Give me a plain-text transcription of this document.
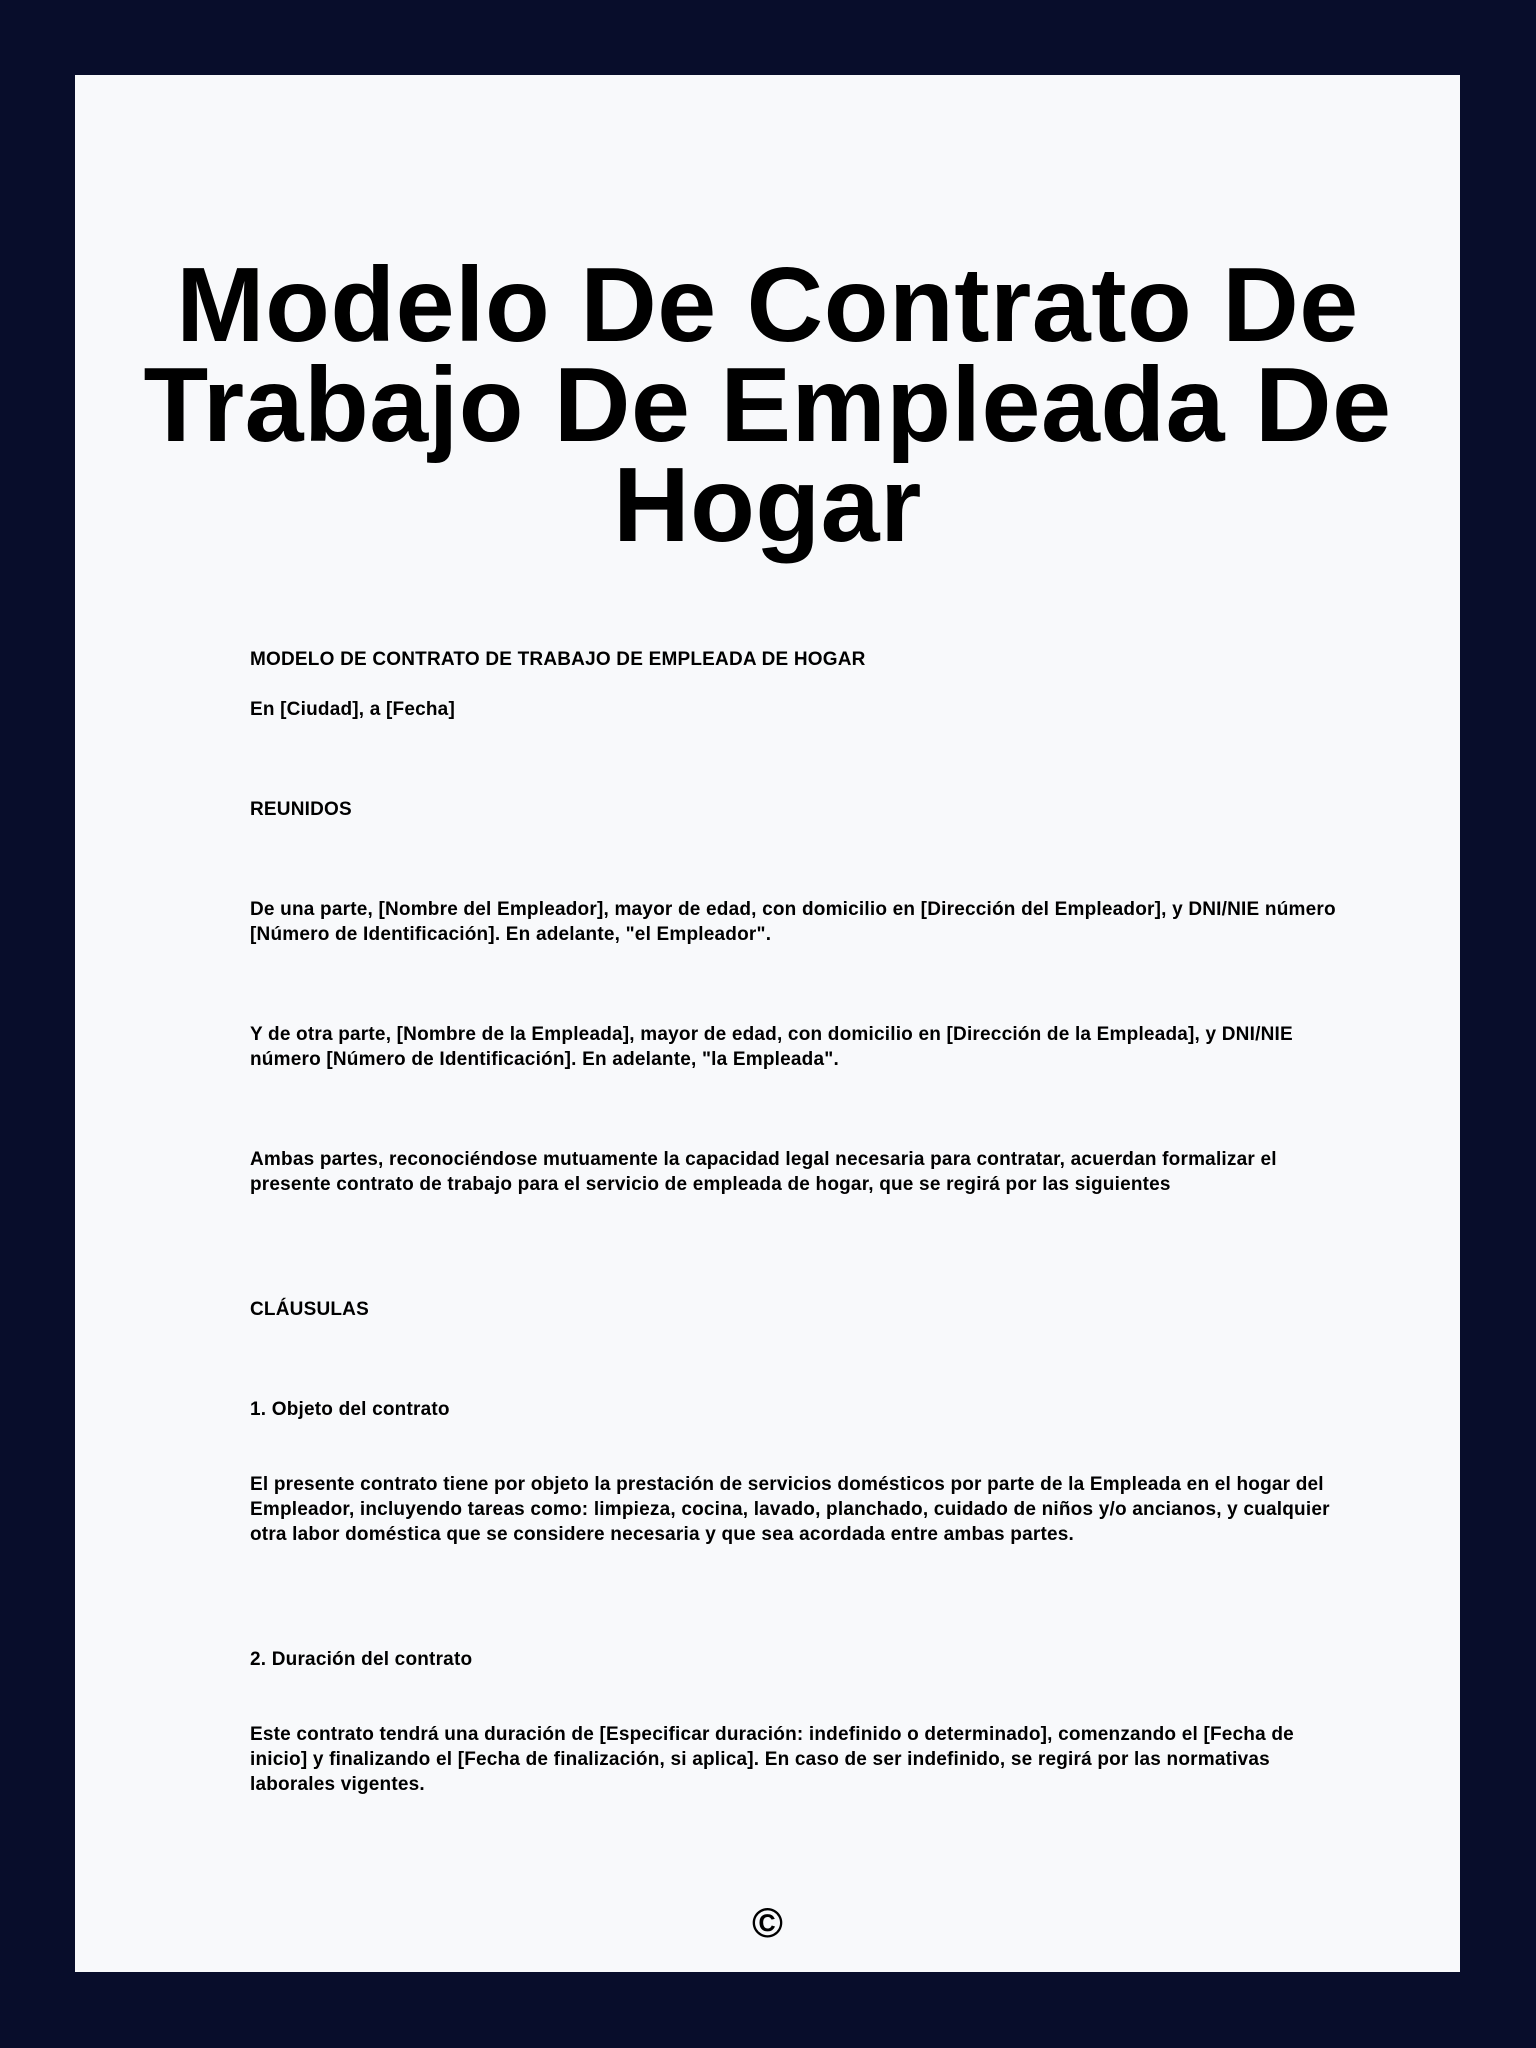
Modelo De Contrato De Trabajo De Empleada De Hogar

MODELO DE CONTRATO DE TRABAJO DE EMPLEADA DE HOGAR

En [Ciudad], a [Fecha]

REUNIDOS

De una parte, [Nombre del Empleador], mayor de edad, con domicilio en [Dirección del Empleador], y DNI/NIE número [Número de Identificación]. En adelante, "el Empleador".

Y de otra parte, [Nombre de la Empleada], mayor de edad, con domicilio en [Dirección de la Empleada], y DNI/NIE número [Número de Identificación]. En adelante, "la Empleada".

Ambas partes, reconociéndose mutuamente la capacidad legal necesaria para contratar, acuerdan formalizar el presente contrato de trabajo para el servicio de empleada de hogar, que se regirá por las siguientes

CLÁUSULAS

1. Objeto del contrato

El presente contrato tiene por objeto la prestación de servicios domésticos por parte de la Empleada en el hogar del Empleador, incluyendo tareas como: limpieza, cocina, lavado, planchado, cuidado de niños y/o ancianos, y cualquier otra labor doméstica que se considere necesaria y que sea acordada entre ambas partes.

2. Duración del contrato

Este contrato tendrá una duración de [Especificar duración: indefinido o determinado], comenzando el [Fecha de inicio] y finalizando el [Fecha de finalización, si aplica]. En caso de ser indefinido, se regirá por las normativas laborales vigentes.

©
